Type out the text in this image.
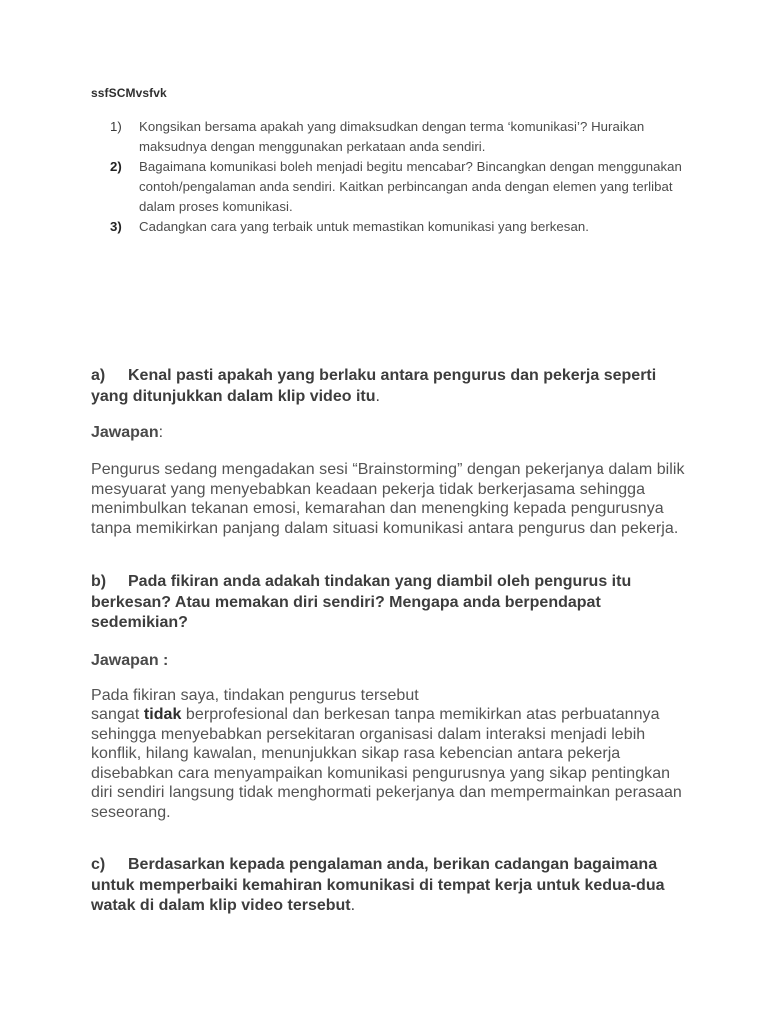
ssfSCMvsfvk
1)	Kongsikan bersama apakah yang dimaksudkan dengan terma ‘komunikasi’? Huraikan maksudnya dengan menggunakan perkataan anda sendiri.
2)	Bagaimana komunikasi boleh menjadi begitu mencabar? Bincangkan dengan menggunakan contoh/pengalaman anda sendiri. Kaitkan perbincangan anda dengan elemen yang terlibat dalam proses komunikasi.
3)	Cadangkan cara yang terbaik untuk memastikan komunikasi yang berkesan.

a) Kenal pasti apakah yang berlaku antara pengurus dan pekerja seperti yang ditunjukkan dalam klip video itu.

Jawapan:

Pengurus sedang mengadakan sesi “Brainstorming” dengan pekerjanya dalam bilik mesyuarat yang menyebabkan keadaan pekerja tidak berkerjasama sehingga menimbulkan tekanan emosi, kemarahan dan menengking kepada pengurusnya tanpa memikirkan panjang dalam situasi komunikasi antara pengurus dan pekerja.

b) Pada fikiran anda adakah tindakan yang diambil oleh pengurus itu berkesan? Atau memakan diri sendiri? Mengapa anda berpendapat sedemikian?

Jawapan :

Pada fikiran saya, tindakan pengurus tersebut
sangat tidak berprofesional dan berkesan tanpa memikirkan atas perbuatannya sehingga menyebabkan persekitaran organisasi dalam interaksi menjadi lebih konflik, hilang kawalan, menunjukkan sikap rasa kebencian antara pekerja disebabkan cara menyampaikan komunikasi pengurusnya yang sikap pentingkan diri sendiri langsung tidak menghormati pekerjanya dan mempermainkan perasaan seseorang.

c) Berdasarkan kepada pengalaman anda, berikan cadangan bagaimana untuk memperbaiki kemahiran komunikasi di tempat kerja untuk kedua-dua watak di dalam klip video tersebut.
